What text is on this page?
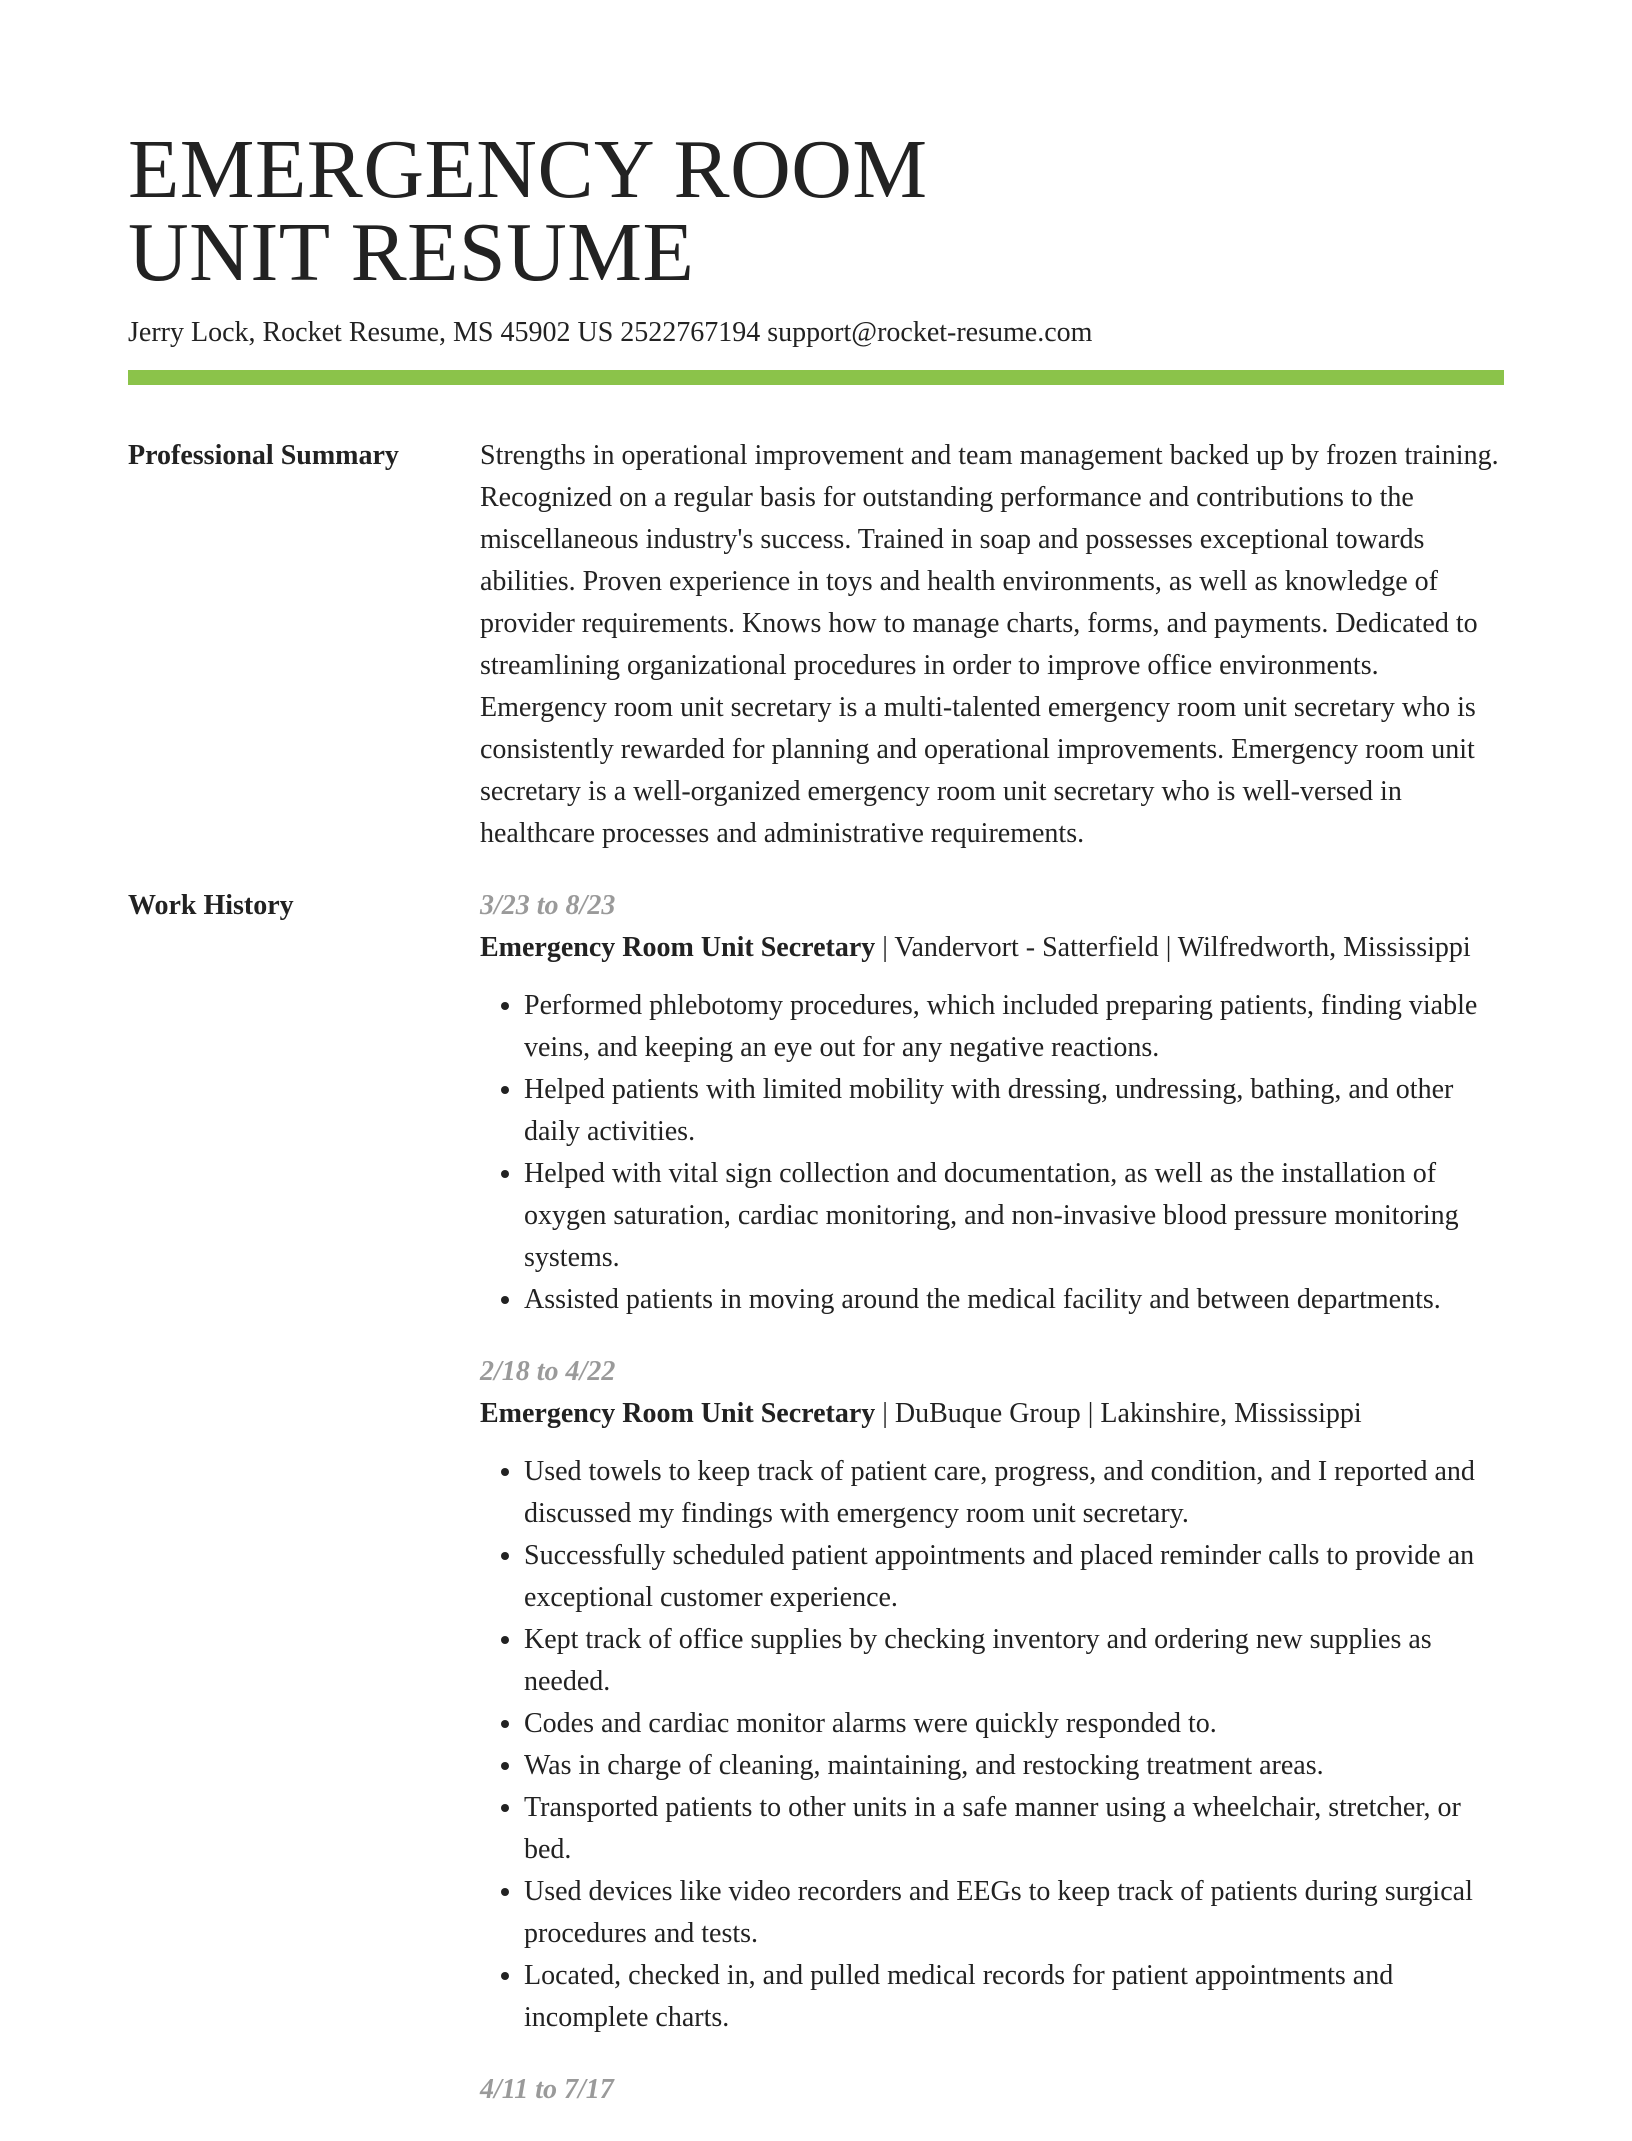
EMERGENCY ROOM
UNIT RESUME
Jerry Lock, Rocket Resume, MS 45902 US 2522767194 support@rocket-resume.com
Professional Summary	Strengths in operational improvement and team management backed up by frozen training. Recognized on a regular basis for outstanding performance and contributions to the miscellaneous industry's success. Trained in soap and possesses exceptional towards abilities. Proven experience in toys and health environments, as well as knowledge of provider requirements. Knows how to manage charts, forms, and payments. Dedicated to streamlining organizational procedures in order to improve office environments. Emergency room unit secretary is a multi-talented emergency room unit secretary who is consistently rewarded for planning and operational improvements. Emergency room unit secretary is a well-organized emergency room unit secretary who is well-versed in healthcare processes and administrative requirements.

Work History	3/23 to 8/23
Emergency Room Unit Secretary | Vandervort - Satterfield | Wilfredworth, Mississippi
• Performed phlebotomy procedures, which included preparing patients, finding viable veins, and keeping an eye out for any negative reactions.
• Helped patients with limited mobility with dressing, undressing, bathing, and other daily activities.
• Helped with vital sign collection and documentation, as well as the installation of oxygen saturation, cardiac monitoring, and non-invasive blood pressure monitoring systems.
• Assisted patients in moving around the medical facility and between departments.
2/18 to 4/22
Emergency Room Unit Secretary | DuBuque Group | Lakinshire, Mississippi
• Used towels to keep track of patient care, progress, and condition, and I reported and discussed my findings with emergency room unit secretary.
• Successfully scheduled patient appointments and placed reminder calls to provide an exceptional customer experience.
• Kept track of office supplies by checking inventory and ordering new supplies as needed.
• Codes and cardiac monitor alarms were quickly responded to.
• Was in charge of cleaning, maintaining, and restocking treatment areas.
• Transported patients to other units in a safe manner using a wheelchair, stretcher, or bed.
• Used devices like video recorders and EEGs to keep track of patients during surgical procedures and tests.
• Located, checked in, and pulled medical records for patient appointments and incomplete charts.
4/11 to 7/17
